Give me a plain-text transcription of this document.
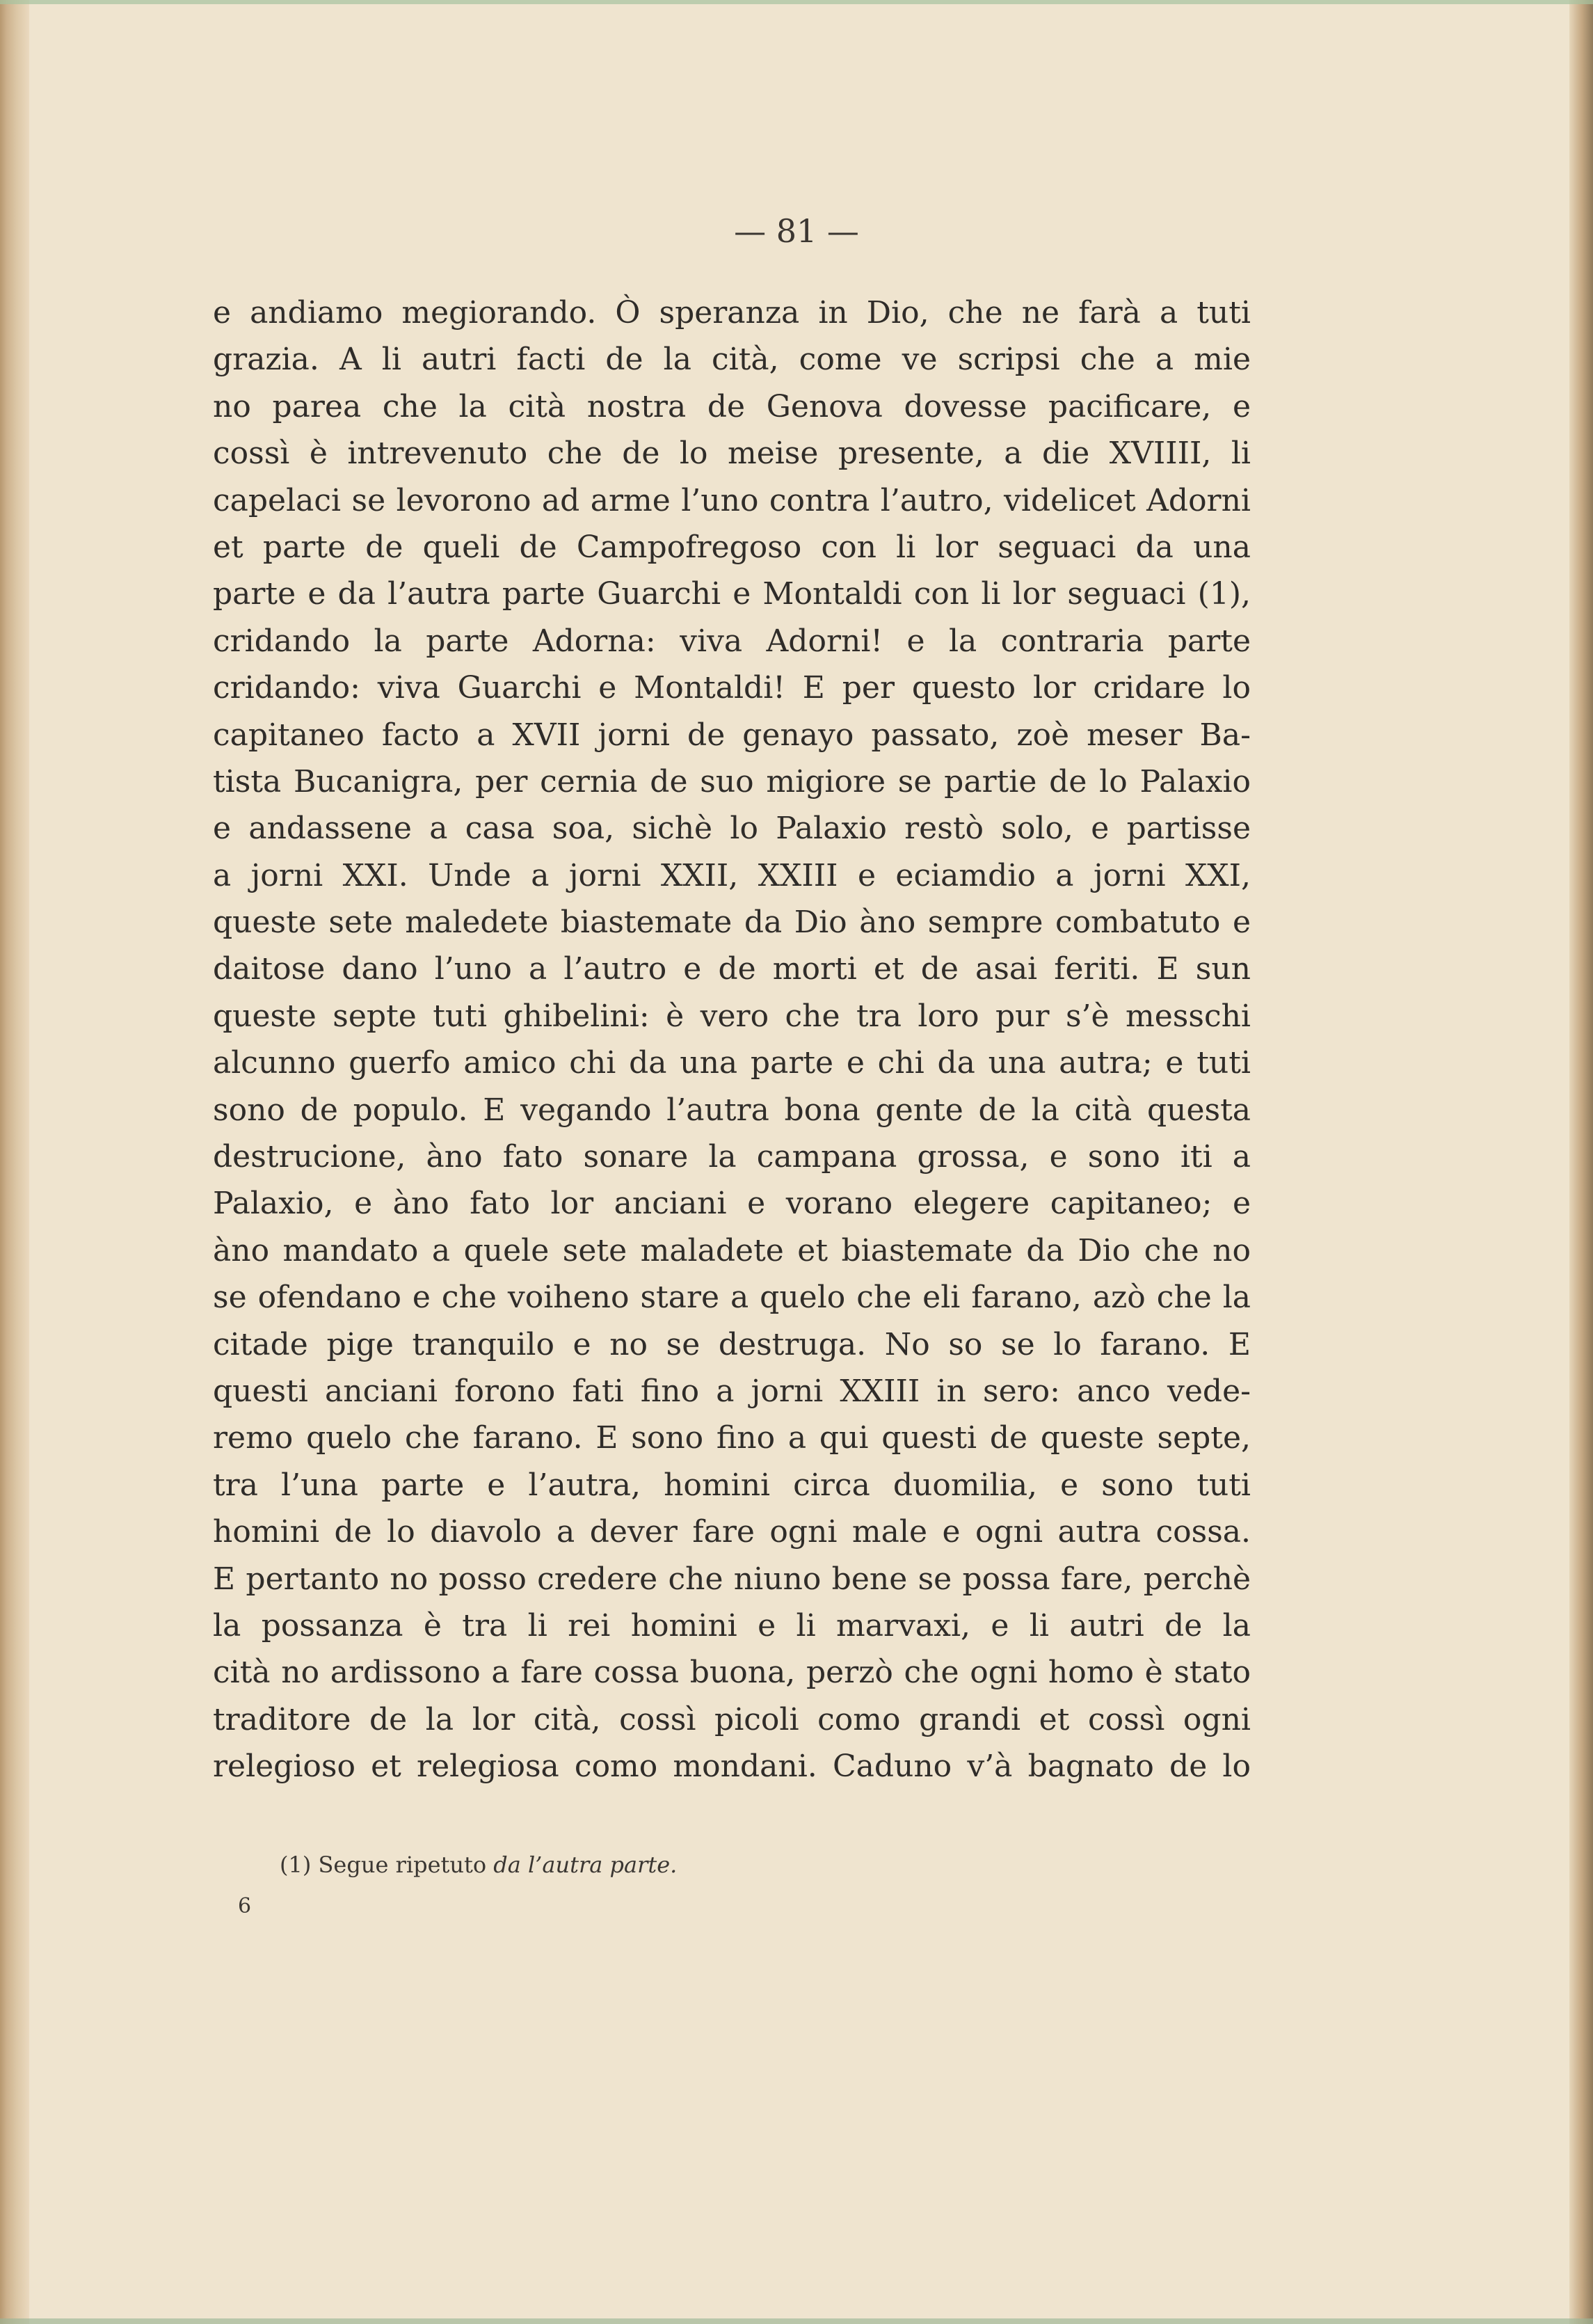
— 81 —
e andiamo megiorando. Ò speranza in Dio, che ne farà a tuti
grazia. A li autri facti de la cità, come ve scripsi che a mie
no parea che la cità nostra de Genova dovesse pacificare, e
cossì è intrevenuto che de lo meise presente, a die XVIIII, li
capelaci se levorono ad arme l’uno contra l’autro, videlicet Adorni
et parte de queli de Campofregoso con li lor seguaci da una
parte e da l’autra parte Guarchi e Montaldi con li lor seguaci (1),
cridando la parte Adorna: viva Adorni! e la contraria parte
cridando: viva Guarchi e Montaldi! E per questo lor cridare lo
capitaneo facto a XVII jorni de genayo passato, zoè meser Ba-
tista Bucanigra, per cernia de suo migiore se partie de lo Palaxio
e andassene a casa soa, sichè lo Palaxio restò solo, e partisse
a jorni XXI. Unde a jorni XXII, XXIII e eciamdio a jorni XXI,
queste sete maledete biastemate da Dio àno sempre combatuto e
daitose dano l’uno a l’autro e de morti et de asai feriti. E sun
queste septe tuti ghibelini: è vero che tra loro pur s’è messchi
alcunno guerfo amico chi da una parte e chi da una autra; e tuti
sono de populo. E vegando l’autra bona gente de la cità questa
destrucione, àno fato sonare la campana grossa, e sono iti a
Palaxio, e àno fato lor anciani e vorano elegere capitaneo; e
àno mandato a quele sete maladete et biastemate da Dio che no
se ofendano e che voiheno stare a quelo che eli farano, azò che la
citade pige tranquilo e no se destruga. No so se lo farano. E
questi anciani forono fati fino a jorni XXIII in sero: anco vede-
remo quelo che farano. E sono fino a qui questi de queste septe,
tra l’una parte e l’autra, homini circa duomilia, e sono tuti
homini de lo diavolo a dever fare ogni male e ogni autra cossa.
E pertanto no posso credere che niuno bene se possa fare, perchè
la possanza è tra li rei homini e li marvaxi, e li autri de la
cità no ardissono a fare cossa buona, perzò che ogni homo è stato
traditore de la lor cità, cossì picoli como grandi et cossì ogni
relegioso et relegiosa como mondani. Caduno v’à bagnato de lo
(1) Segue ripetuto da l’autra parte.
6
